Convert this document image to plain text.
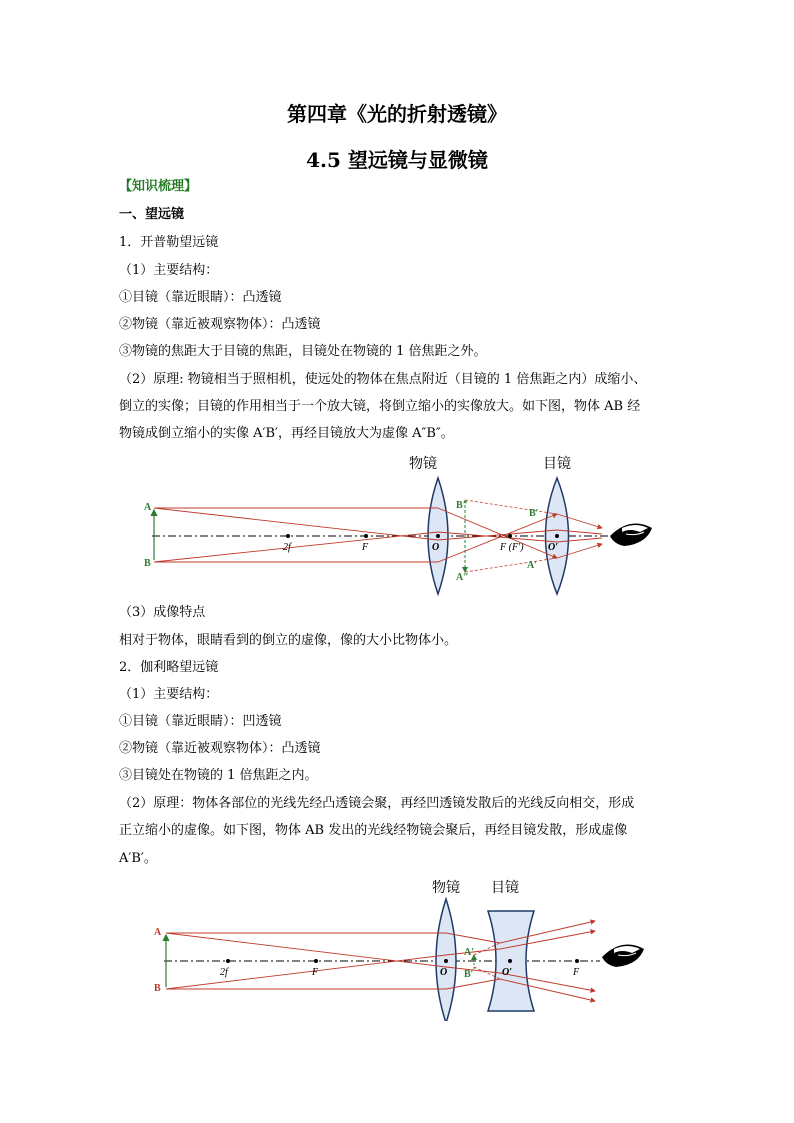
第四章《光的折射透镜》
4.5 望远镜与显微镜
【知识梳理】
一、望远镜
1．开普勒望远镜
（1）主要结构：
①目镜（靠近眼睛）：凸透镜
②物镜（靠近被观察物体）：凸透镜
③物镜的焦距大于目镜的焦距，目镜处在物镜的 1 倍焦距之外。
（2）原理: 物镜相当于照相机，使远处的物体在焦点附近（目镜的 1 倍焦距之内）成缩小、
倒立的实像；目镜的作用相当于一个放大镜，将倒立缩小的实像放大。如下图，物体 AB 经
物镜成倒立缩小的实像 A′B′，再经目镜放大为虚像 A″B″。
物镜	目镜
A
B
2f	F	O	F (F′) O′
B″
A″
B′
A′
（3）成像特点
相对于物体，眼睛看到的倒立的虚像，像的大小比物体小。
2．伽利略望远镜
（1）主要结构：
①目镜（靠近眼睛）：凹透镜
②物镜（靠近被观察物体）：凸透镜
③目镜处在物镜的 1 倍焦距之内。
（2）原理：物体各部位的光线先经凸透镜会聚，再经凹透镜发散后的光线反向相交，形成
正立缩小的虚像。如下图，物体 AB 发出的光线经物镜会聚后，再经目镜发散，形成虚像
A′B′。
物镜 目镜
A
B
2f	F	O	O′	F
A′
B′
